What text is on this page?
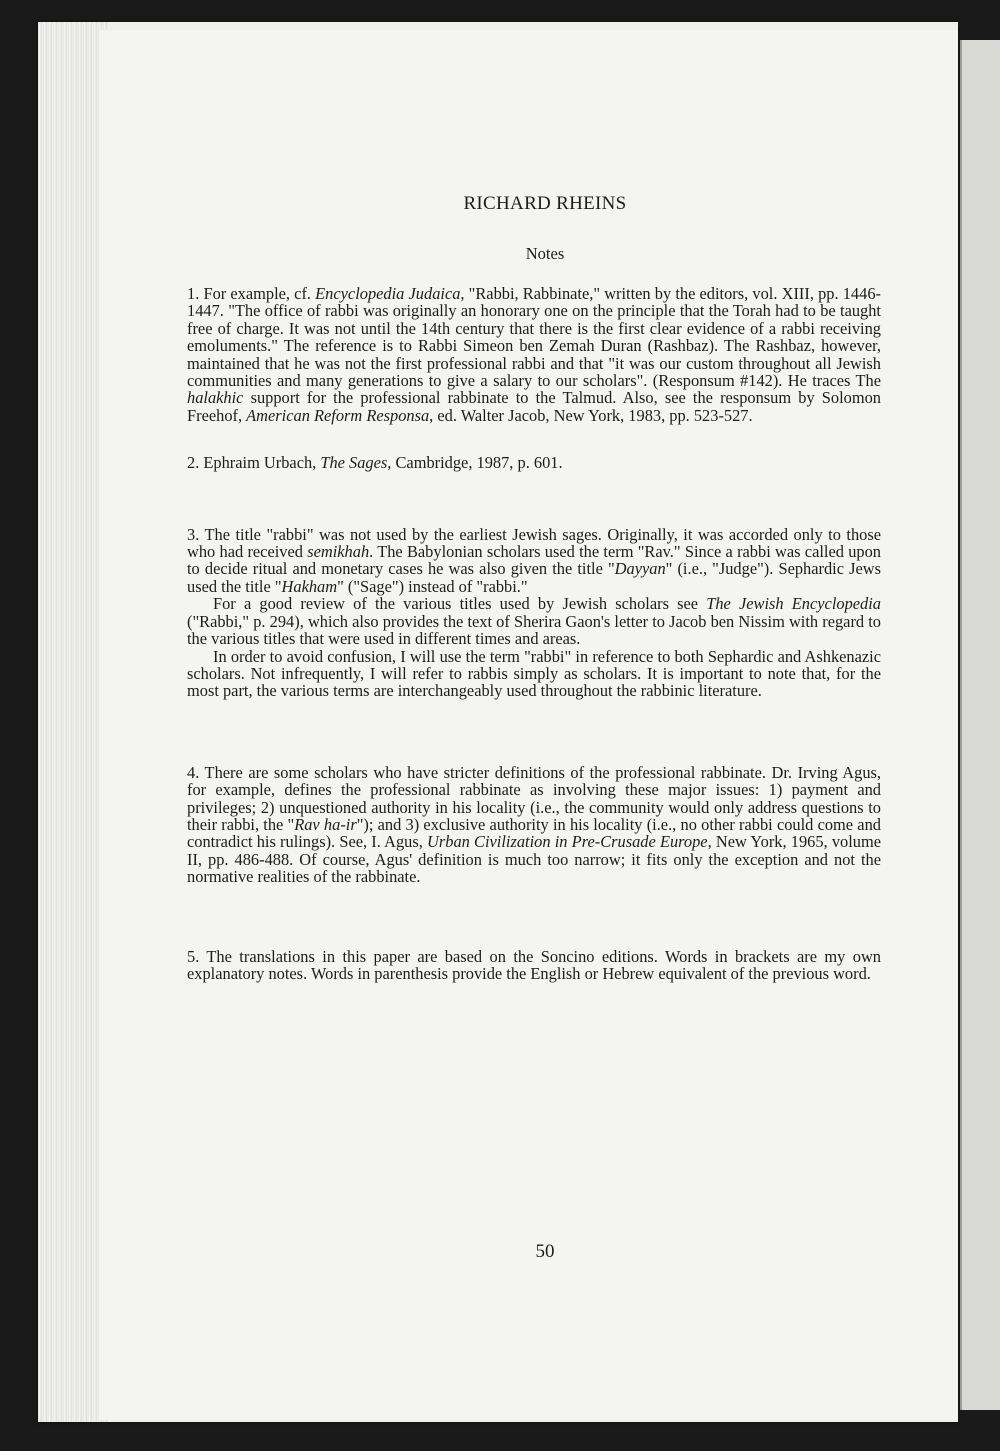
RICHARD RHEINS
Notes

1. For example, cf. Encyclopedia Judaica, "Rabbi, Rabbinate," written by the editors, vol. XIII, pp. 1446-1447. "The office of rabbi was originally an honorary one on the principle that the Torah had to be taught free of charge. It was not until the 14th century that there is the first clear evidence of a rabbi receiving emoluments." The reference is to Rabbi Simeon ben Zemah Duran (Rashbaz). The Rashbaz, however, maintained that he was not the first professional rabbi and that "it was our custom throughout all Jewish communities and many generations to give a salary to our scholars". (Responsum #142). He traces The halakhic support for the professional rabbinate to the Talmud. Also, see the responsum by Solomon Freehof, American Reform Responsa, ed. Walter Jacob, New York, 1983, pp. 523-527.

2. Ephraim Urbach, The Sages, Cambridge, 1987, p. 601.

3. The title "rabbi" was not used by the earliest Jewish sages. Originally, it was accorded only to those who had received semikhah. The Babylonian scholars used the term "Rav." Since a rabbi was called upon to decide ritual and monetary cases he was also given the title "Dayyan" (i.e., "Judge"). Sephardic Jews used the title "Hakham" ("Sage") instead of "rabbi."

For a good review of the various titles used by Jewish scholars see The Jewish Encyclopedia ("Rabbi," p. 294), which also provides the text of Sherira Gaon's letter to Jacob ben Nissim with regard to the various titles that were used in different times and areas.

In order to avoid confusion, I will use the term "rabbi" in reference to both Sephardic and Ashkenazic scholars. Not infrequently, I will refer to rabbis simply as scholars. It is important to note that, for the most part, the various terms are interchangeably used throughout the rabbinic literature.

4. There are some scholars who have stricter definitions of the professional rabbinate. Dr. Irving Agus, for example, defines the professional rabbinate as involving these major issues: 1) payment and privileges; 2) unquestioned authority in his locality (i.e., the community would only address questions to their rabbi, the "Rav ha-ir"); and 3) exclusive authority in his locality (i.e., no other rabbi could come and contradict his rulings). See, I. Agus, Urban Civilization in Pre-Crusade Europe, New York, 1965, volume II, pp. 486-488. Of course, Agus' definition is much too narrow; it fits only the exception and not the normative realities of the rabbinate.

5. The translations in this paper are based on the Soncino editions. Words in brackets are my own explanatory notes. Words in parenthesis provide the English or Hebrew equivalent of the previous word.

50
